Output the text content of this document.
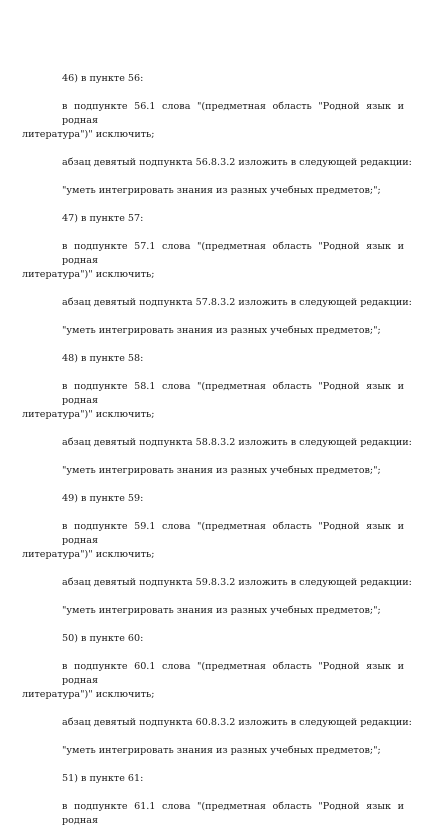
46) в пункте 56:

в подпункте 56.1 слова "(предметная область "Родной язык и родная
литература")" исключить;

абзац девятый подпункта 56.8.3.2 изложить в следующей редакции:

"уметь интегрировать знания из разных учебных предметов;";

47) в пункте 57:

в подпункте 57.1 слова "(предметная область "Родной язык и родная
литература")" исключить;

абзац девятый подпункта 57.8.3.2 изложить в следующей редакции:

"уметь интегрировать знания из разных учебных предметов;";

48) в пункте 58:

в подпункте 58.1 слова "(предметная область "Родной язык и родная
литература")" исключить;

абзац девятый подпункта 58.8.3.2 изложить в следующей редакции:

"уметь интегрировать знания из разных учебных предметов;";

49) в пункте 59:

в подпункте 59.1 слова "(предметная область "Родной язык и родная
литература")" исключить;

абзац девятый подпункта 59.8.3.2 изложить в следующей редакции:

"уметь интегрировать знания из разных учебных предметов;";

50) в пункте 60:

в подпункте 60.1 слова "(предметная область "Родной язык и родная
литература")" исключить;

абзац девятый подпункта 60.8.3.2 изложить в следующей редакции:

"уметь интегрировать знания из разных учебных предметов;";

51) в пункте 61:

в подпункте 61.1 слова "(предметная область "Родной язык и родная
